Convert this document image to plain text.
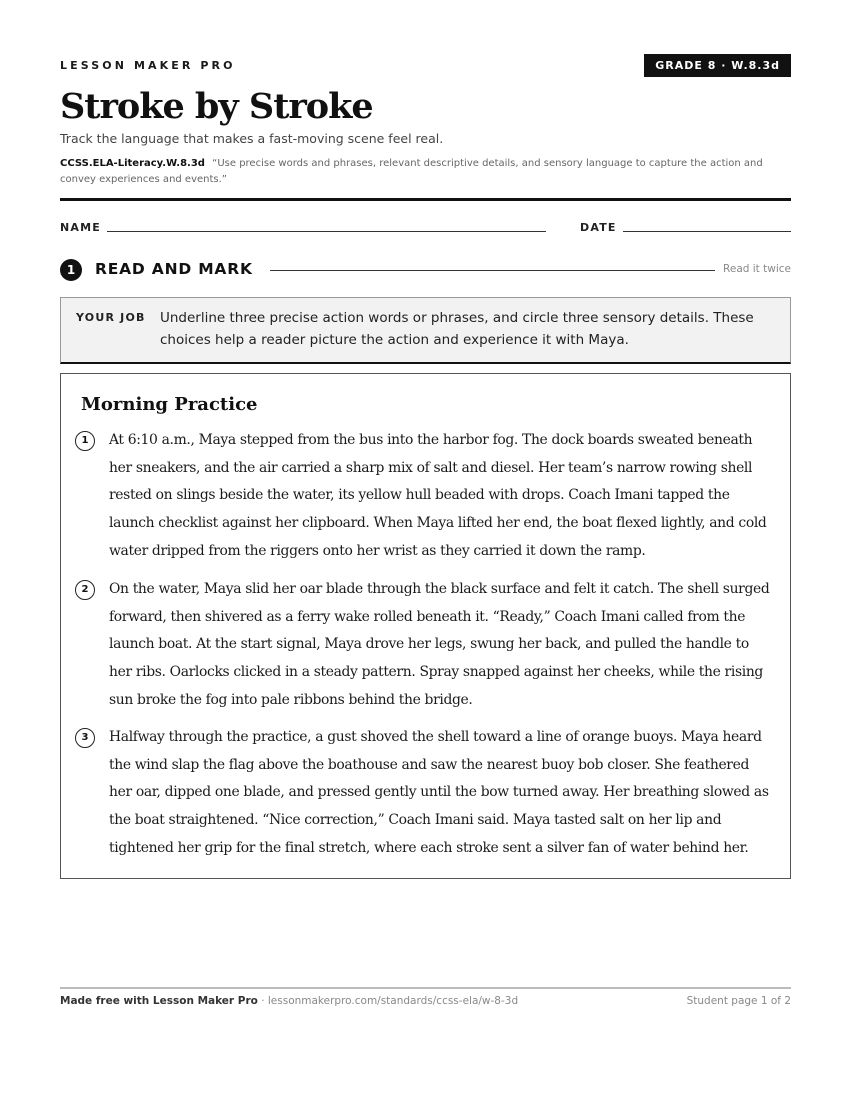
LESSON MAKER PRO	GRADE 8 · W.8.3d
Stroke by Stroke
Track the language that makes a fast-moving scene feel real.
CCSS.ELA-Literacy.W.8.3d “Use precise words and phrases, relevant descriptive details, and sensory language to capture the action and convey experiences and events.”
NAME	DATE
1	READ AND MARK	Read it twice
YOUR JOB Underline three precise action words or phrases, and circle three sensory details. These choices help a reader picture the action and experience it with Maya.
Morning Practice
1	At 6:10 a.m., Maya stepped from the bus into the harbor fog. The dock boards sweated beneath her sneakers, and the air carried a sharp mix of salt and diesel. Her team’s narrow rowing shell rested on slings beside the water, its yellow hull beaded with drops. Coach Imani tapped the launch checklist against her clipboard. When Maya lifted her end, the boat flexed lightly, and cold water dripped from the riggers onto her wrist as they carried it down the ramp.
2	On the water, Maya slid her oar blade through the black surface and felt it catch. The shell surged forward, then shivered as a ferry wake rolled beneath it. “Ready,” Coach Imani called from the launch boat. At the start signal, Maya drove her legs, swung her back, and pulled the handle to her ribs. Oarlocks clicked in a steady pattern. Spray snapped against her cheeks, while the rising sun broke the fog into pale ribbons behind the bridge.
3	Halfway through the practice, a gust shoved the shell toward a line of orange buoys. Maya heard the wind slap the flag above the boathouse and saw the nearest buoy bob closer. She feathered her oar, dipped one blade, and pressed gently until the bow turned away. Her breathing slowed as the boat straightened. “Nice correction,” Coach Imani said. Maya tasted salt on her lip and tightened her grip for the final stretch, where each stroke sent a silver fan of water behind her.
Made free with Lesson Maker Pro · lessonmakerpro.com/standards/ccss-ela/w-8-3d	Student page 1 of 2
